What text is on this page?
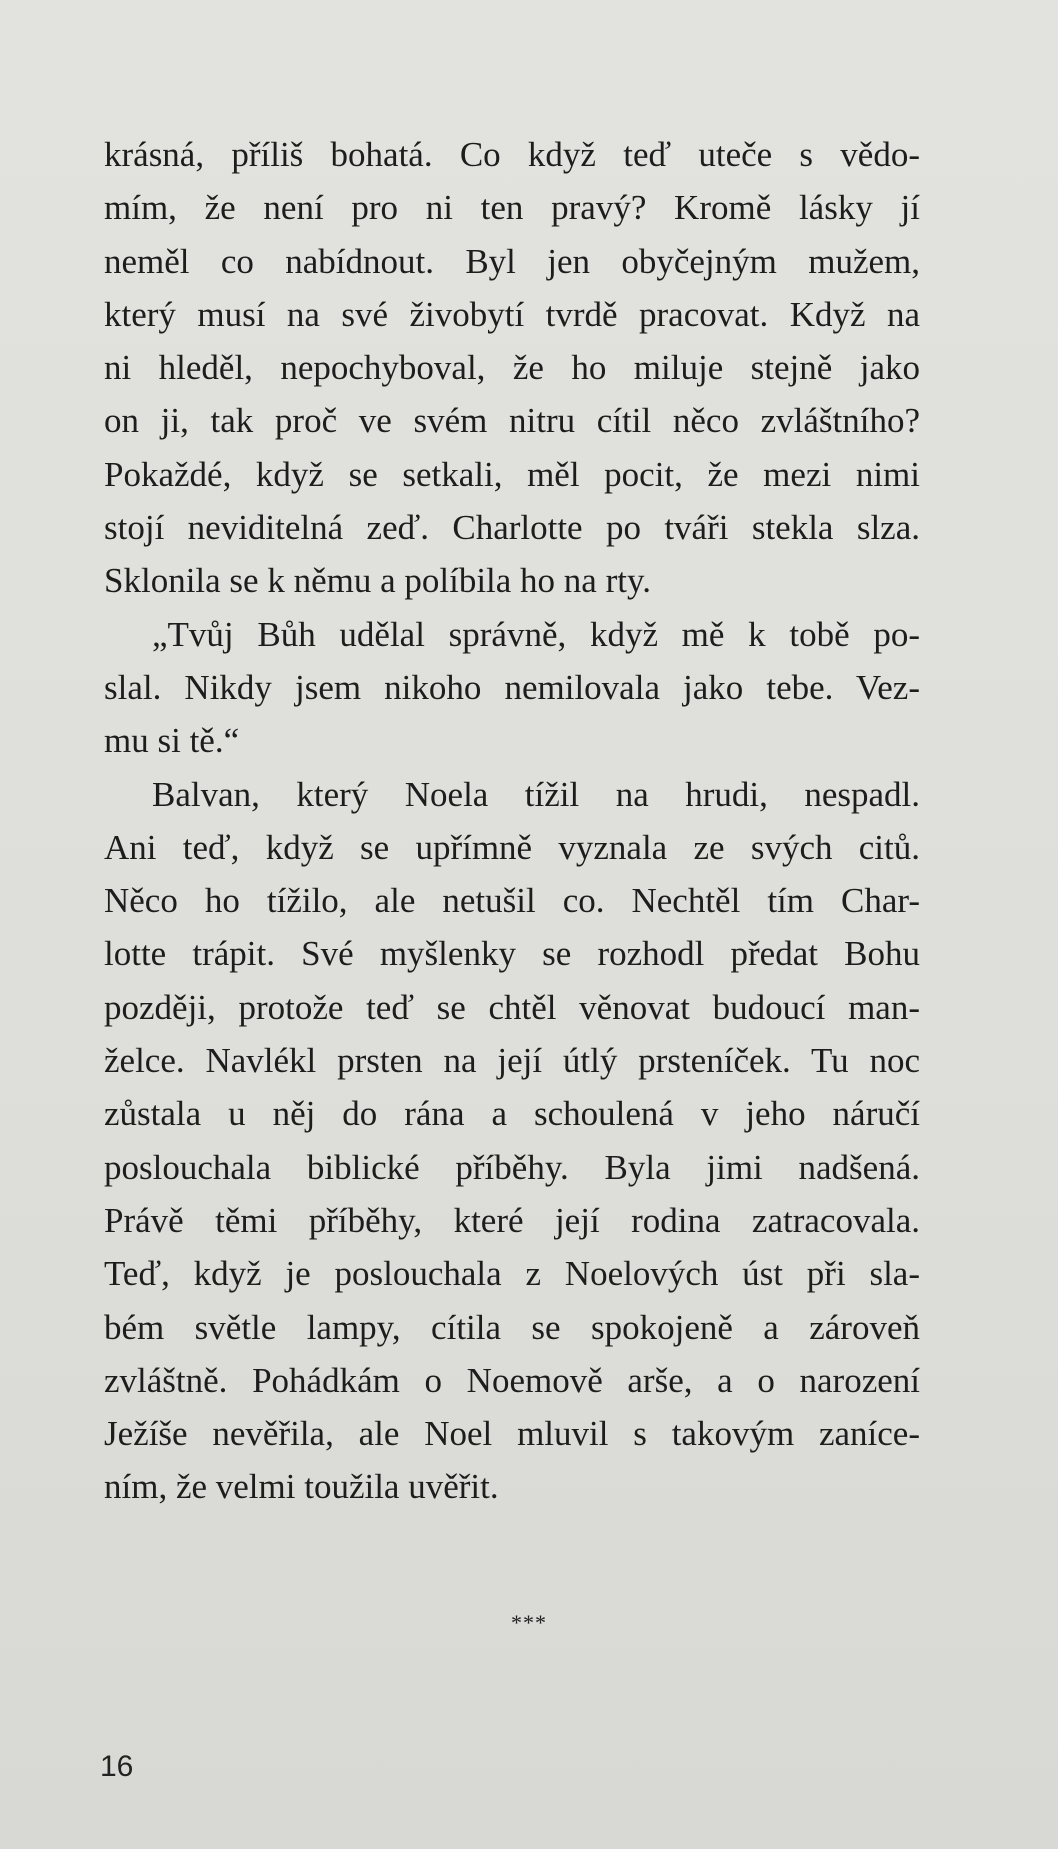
krásná, příliš bohatá. Co když teď uteče s vědo-
mím, že není pro ni ten pravý? Kromě lásky jí
neměl co nabídnout. Byl jen obyčejným mužem,
který musí na své živobytí tvrdě pracovat. Když na
ni hleděl, nepochyboval, že ho miluje stejně jako
on ji, tak proč ve svém nitru cítil něco zvláštního?
Pokaždé, když se setkali, měl pocit, že mezi nimi
stojí neviditelná zeď. Charlotte po tváři stekla slza.
Sklonila se k němu a políbila ho na rty.
„Tvůj Bůh udělal správně, když mě k tobě po-
slal. Nikdy jsem nikoho nemilovala jako tebe. Vez-
mu si tě.“
Balvan, který Noela tížil na hrudi, nespadl.
Ani teď, když se upřímně vyznala ze svých citů.
Něco ho tížilo, ale netušil co. Nechtěl tím Char-
lotte trápit. Své myšlenky se rozhodl předat Bohu
později, protože teď se chtěl věnovat budoucí man-
želce. Navlékl prsten na její útlý prsteníček. Tu noc
zůstala u něj do rána a schoulená v jeho náručí
poslouchala biblické příběhy. Byla jimi nadšená.
Právě těmi příběhy, které její rodina zatracovala.
Teď, když je poslouchala z Noelových úst při sla-
bém světle lampy, cítila se spokojeně a zároveň
zvláštně. Pohádkám o Noemově arše, a o narození
Ježíše nevěřila, ale Noel mluvil s takovým zaníce-
ním, že velmi toužila uvěřit.
***
16
